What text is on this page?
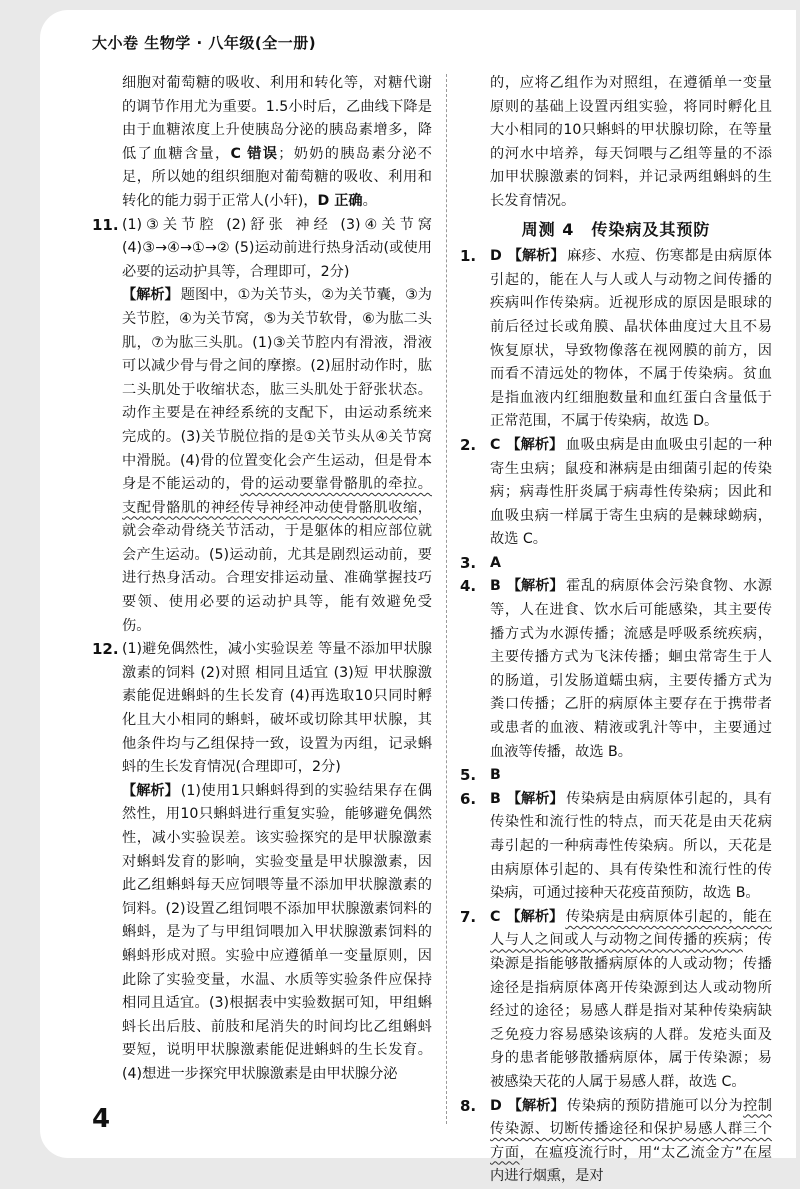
大小卷 生物学 · 八年级(全一册)

细胞对葡萄糖的吸收、利用和转化等，对糖代谢的调节作用尤为重要。1.5小时后，乙曲线下降是由于血糖浓度上升使胰岛分泌的胰岛素增多，降低了血糖含量，C 错误；奶奶的胰岛素分泌不足，所以她的组织细胞对葡萄糖的吸收、利用和转化的能力弱于正常人(小轩)，D 正确。

11. (1)③关节腔 (2)舒张 神经 (3)④关节窝 (4)③→④→①→② (5)运动前进行热身活动(或使用必要的运动护具等，合理即可，2分)

【 解析 】 题图中，①为关节头，②为关节囊，③为关节腔，④为关节窝，⑤为关节软骨，⑥为肱二头肌，⑦为肱三头肌。(1)③关节腔内有滑液，滑液可以减少骨与骨之间的摩擦。(2)屈肘动作时，肱二头肌处于收缩状态，肱三头肌处于舒张状态。动作主要是在神经系统的支配下，由运动系统来完成的。(3)关节脱位指的是①关节头从④关节窝中滑脱。(4)骨的位置变化会产生运动，但是骨本身是不能运动的，骨的运动要靠骨骼肌的牵拉。支配骨骼肌的神经传导神经冲动使骨骼肌收缩，就会牵动骨绕关节活动，于是躯体的相应部位就会产生运动。(5)运动前，尤其是剧烈运动前，要进行热身活动。合理安排运动量、准确掌握技巧要领、使用必要的运动护具等，能有效避免受伤。

12. (1)避免偶然性，减小实验误差 等量不添加甲状腺激素的饲料 (2)对照 相同且适宜 (3)短 甲状腺激素能促进蝌蚪的生长发育 (4)再选取10只同时孵化且大小相同的蝌蚪，破坏或切除其甲状腺，其他条件均与乙组保持一致，设置为丙组，记录蝌蚪的生长发育情况(合理即可，2分)

【 解析 】 (1)使用1只蝌蚪得到的实验结果存在偶然性，用10只蝌蚪进行重复实验，能够避免偶然性，减小实验误差。该实验探究的是甲状腺激素对蝌蚪发育的影响，实验变量是甲状腺激素，因此乙组蝌蚪每天应饲喂等量不添加甲状腺激素的饲料。(2)设置乙组饲喂不添加甲状腺激素饲料的蝌蚪，是为了与甲组饲喂加入甲状腺激素饲料的蝌蚪形成对照。实验中应遵循单一变量原则，因此除了实验变量，水温、水质等实验条件应保持相同且适宜。(3)根据表中实验数据可知，甲组蝌蚪长出后肢、前肢和尾消失的时间均比乙组蝌蚪要短，说明甲状腺激素能促进蝌蚪的生长发育。(4)想进一步探究甲状腺激素是由甲状腺分泌

的，应将乙组作为对照组，在遵循单一变量原则的基础上设置丙组实验，将同时孵化且大小相同的10只蝌蚪的甲状腺切除，在等量的河水中培养，每天饲喂与乙组等量的不添加甲状腺激素的饲料，并记录两组蝌蚪的生长发育情况。

周测 4　传染病及其预防
1. D 【 解析 】 麻疹、水痘、伤寒都是由病原体引起的，能在人与人或人与动物之间传播的疾病叫作传染病。近视形成的原因是眼球的前后径过长或角膜、晶状体曲度过大且不易恢复原状，导致物像落在视网膜的前方，因而看不清远处的物体，不属于传染病。贫血是指血液内红细胞数量和血红蛋白含量低于正常范围，不属于传染病，故选 D。

2. C 【 解析 】 血吸虫病是由血吸虫引起的一种寄生虫病；鼠疫和淋病是由细菌引起的传染病；病毒性肝炎属于病毒性传染病；因此和血吸虫病一样属于寄生虫病的是棘球蚴病，故选 C。

3. A

4. B 【 解析 】 霍乱的病原体会污染食物、水源等，人在进食、饮水后可能感染，其主要传播方式为水源传播；流感是呼吸系统疾病，主要传播方式为飞沫传播；蛔虫常寄生于人的肠道，引发肠道蠕虫病，主要传播方式为粪口传播；乙肝的病原体主要存在于携带者或患者的血液、精液或乳汁等中，主要通过血液等传播，故选 B。

5. B

6. B 【 解析 】 传染病是由病原体引起的，具有传染性和流行性的特点，而天花是由天花病毒引起的一种病毒性传染病。所以，天花是由病原体引起的、具有传染性和流行性的传染病，可通过接种天花疫苗预防，故选 B。

7. C 【 解析 】 传染病是由病原体引起的，能在人与人之间或人与动物之间传播的疾病；传染源是指能够散播病原体的人或动物；传播途径是指病原体离开传染源到达人或动物所经过的途径；易感人群是指对某种传染病缺乏免疫力容易感染该病的人群。发疮头面及身的患者能够散播病原体，属于传染源；易被感染天花的人属于易感人群，故选 C。

8. D 【 解析 】 传染病的预防措施可以分为控制传染源、切断传播途径和保护易感人群三个方面，在瘟疫流行时，用“太乙流金方”在屋内进行烟熏，是对

4
